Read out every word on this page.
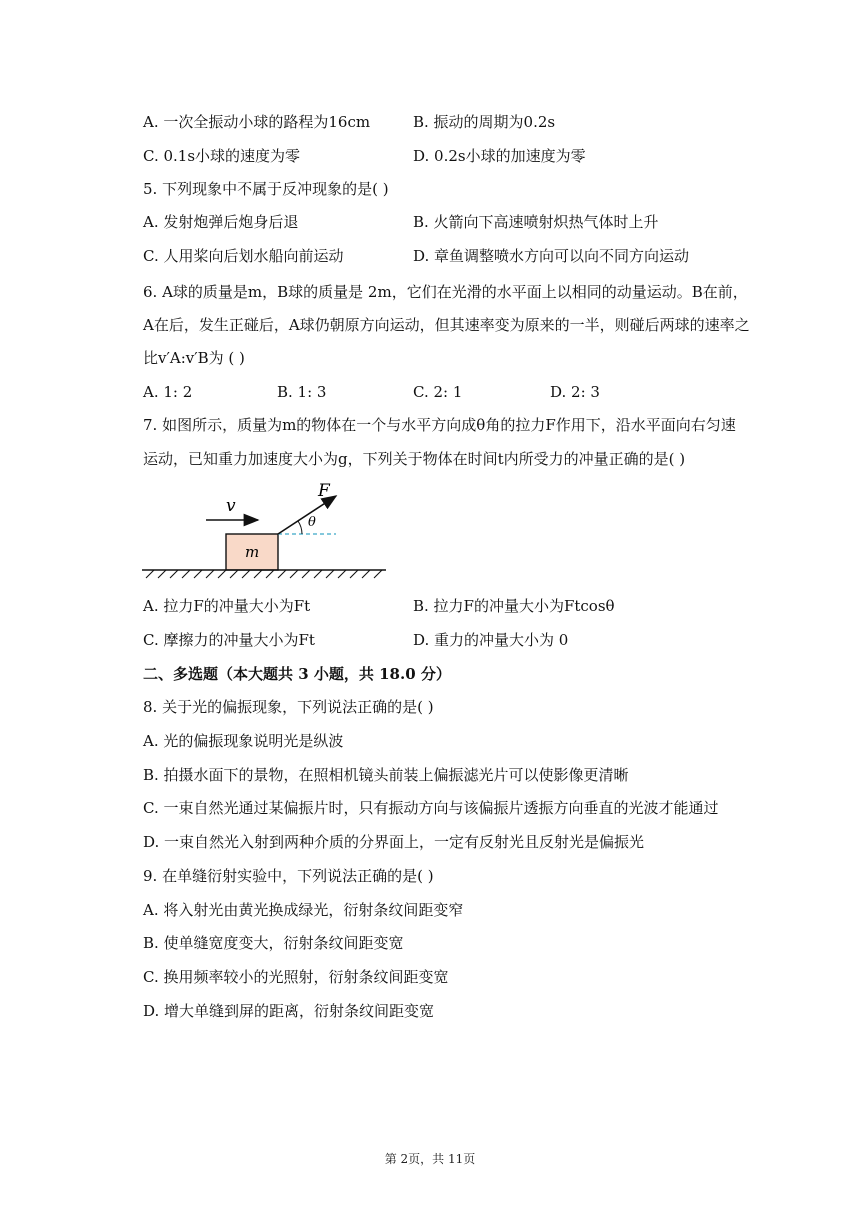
A. 一次全振动小球的路程为16cm	B. 振动的周期为0.2s
C. 0.1s小球的速度为零	D. 0.2s小球的加速度为零
5. 下列现象中不属于反冲现象的是( )
A. 发射炮弹后炮身后退	B. 火箭向下高速喷射炽热气体时上升
C. 人用桨向后划水船向前运动	D. 章鱼调整喷水方向可以向不同方向运动
6. A球的质量是m，B球的质量是 2m，它们在光滑的水平面上以相同的动量运动。B在前，
A在后，发生正碰后，A球仍朝原方向运动，但其速率变为原来的一半，则碰后两球的速率之
比v′A:v′B为 ( )
A. 1: 2	B. 1: 3	C. 2: 1	D. 2: 3
7. 如图所示，质量为m的物体在一个与水平方向成θ角的拉力F作用下，沿水平面向右匀速
运动，已知重力加速度大小为g，下列关于物体在时间t内所受力的冲量正确的是( )
v
m
F
θ
A. 拉力F的冲量大小为Ft	B. 拉力F的冲量大小为Ftcosθ
C. 摩擦力的冲量大小为Ft	D. 重力的冲量大小为 0
二、多选题（本大题共 3 小题，共 18.0 分）
8. 关于光的偏振现象，下列说法正确的是( )
A. 光的偏振现象说明光是纵波
B. 拍摄水面下的景物，在照相机镜头前装上偏振滤光片可以使影像更清晰
C. 一束自然光通过某偏振片时，只有振动方向与该偏振片透振方向垂直的光波才能通过
D. 一束自然光入射到两种介质的分界面上，一定有反射光且反射光是偏振光
9. 在单缝衍射实验中，下列说法正确的是( )
A. 将入射光由黄光换成绿光，衍射条纹间距变窄
B. 使单缝宽度变大，衍射条纹间距变宽
C. 换用频率较小的光照射，衍射条纹间距变宽
D. 增大单缝到屏的距离，衍射条纹间距变宽
第 2页，共 11页
